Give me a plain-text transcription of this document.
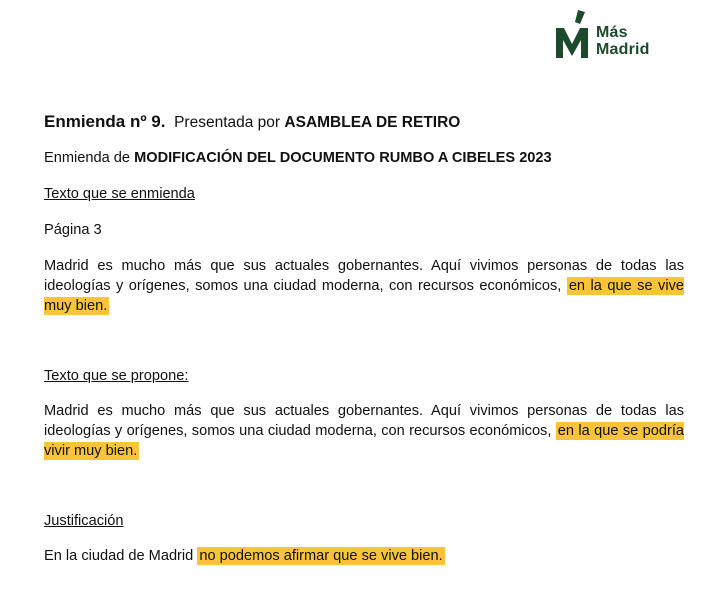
Más
Madrid
Enmienda nº 9. Presentada por ASAMBLEA DE RETIRO
Enmienda de MODIFICACIÓN DEL DOCUMENTO RUMBO A CIBELES 2023
Texto que se enmienda
Página 3
Madrid es mucho más que sus actuales gobernantes. Aquí vivimos personas de todas las ideologías y orígenes, somos una ciudad moderna, con recursos económicos, en la que se vive muy bien.
Texto que se propone:
Madrid es mucho más que sus actuales gobernantes. Aquí vivimos personas de todas las ideologías y orígenes, somos una ciudad moderna, con recursos económicos, en la que se podría vivir muy bien.
Justificación
En la ciudad de Madrid no podemos afirmar que se vive bien.
